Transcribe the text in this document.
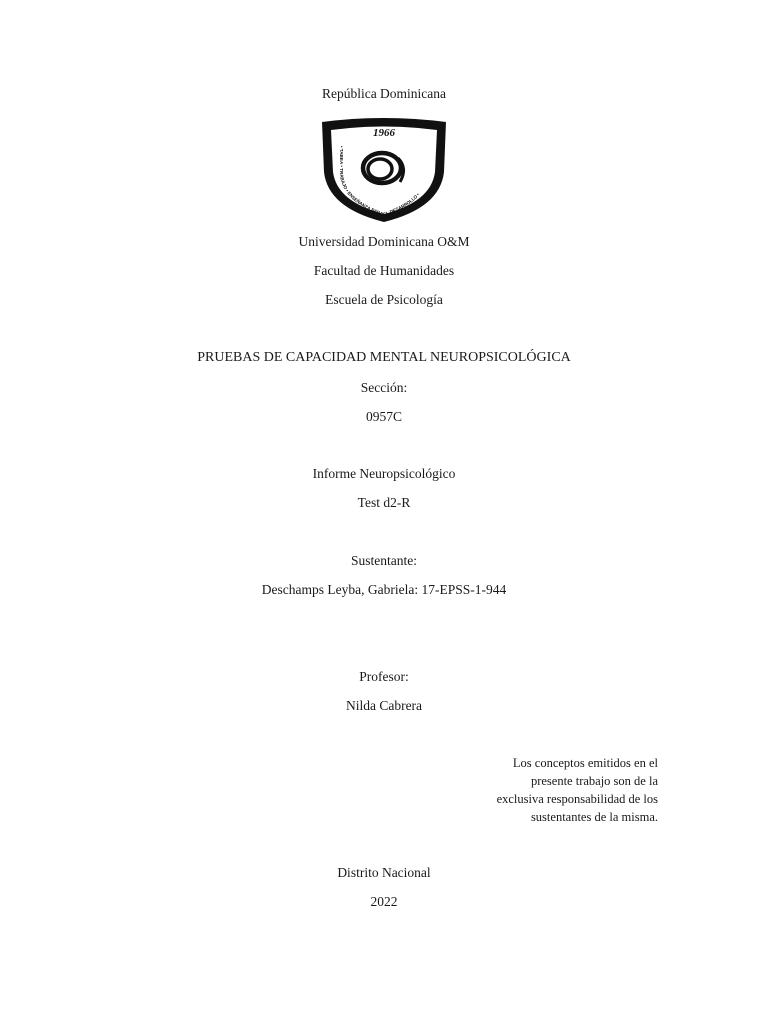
República Dominicana
1966
• TABEA • TRABAJO • ENSEÑANZA PARA EL DESARROLLO •
Universidad Dominicana O&M
Facultad de Humanidades
Escuela de Psicología
PRUEBAS DE CAPACIDAD MENTAL NEUROPSICOLÓGICA
Sección:
0957C
Informe Neuropsicológico
Test d2-R
Sustentante:
Deschamps Leyba, Gabriela: 17-EPSS-1-944
Profesor:
Nilda Cabrera
Los conceptos emitidos en el
presente trabajo son de la
exclusiva responsabilidad de los
sustentantes de la misma.
Distrito Nacional
2022
